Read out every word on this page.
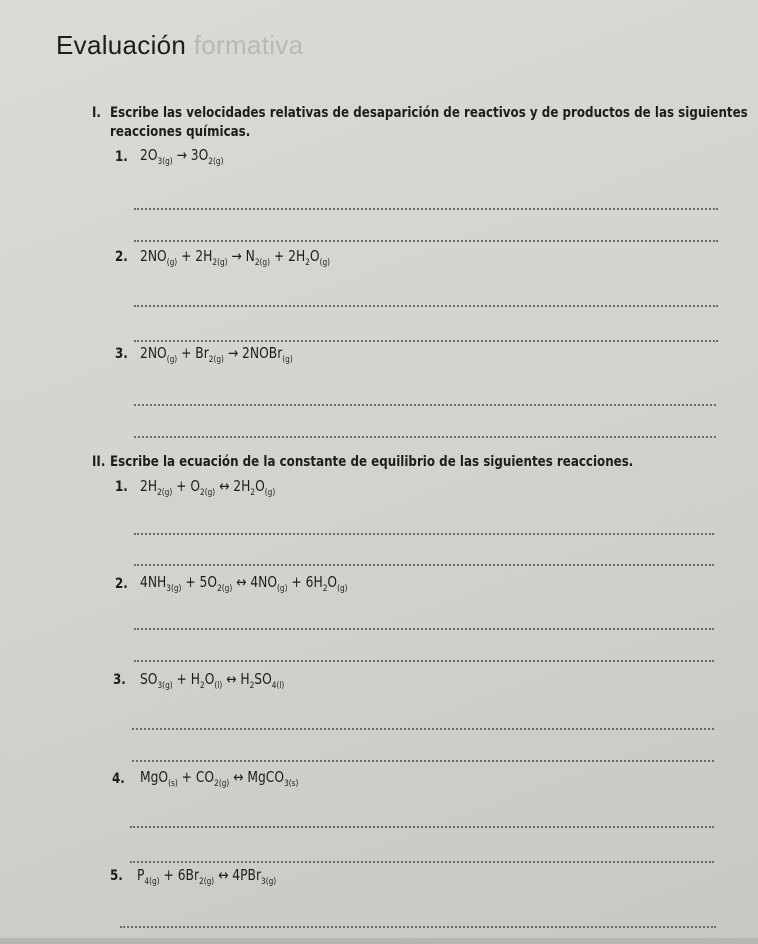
Evaluación formativa
I. Escribe las velocidades relativas de desaparición de reactivos y de productos de las siguientes
reacciones químicas.
1. $2O_{3(g)} \to 3O_{2(g)}$
2. $2NO_{(g)} + 2H_{2(g)} \to N_{2(g)} + 2H_2O_{(g)}$
3. $2NO_{(g)} + Br_{2(g)}$ → 2NOBr$_{(g)}$
II. Escribe la ecuación de la constante de equilibrio de las siguientes reacciones.
1. $2H_{2(g)} + O_{2(g)}$ ↔ $2H_2O_{(g)}$
2. $4NH_{3(g)} + 5O_{2(g)}$ ↔ $4NO_{(g)} + 6H_2O_{(g)}$
3. $SO_{3(g)} + H_2O_{(l)}$ ↔ $H_2SO_{4(l)}$
4. $MgO_{(s)} + CO_{2(g)}$ ↔ MgCO$_{3(s)}$
5. $P_{4(g)} + 6Br_{2(g)}$ ↔ 4PBr$_{3(g)}$
